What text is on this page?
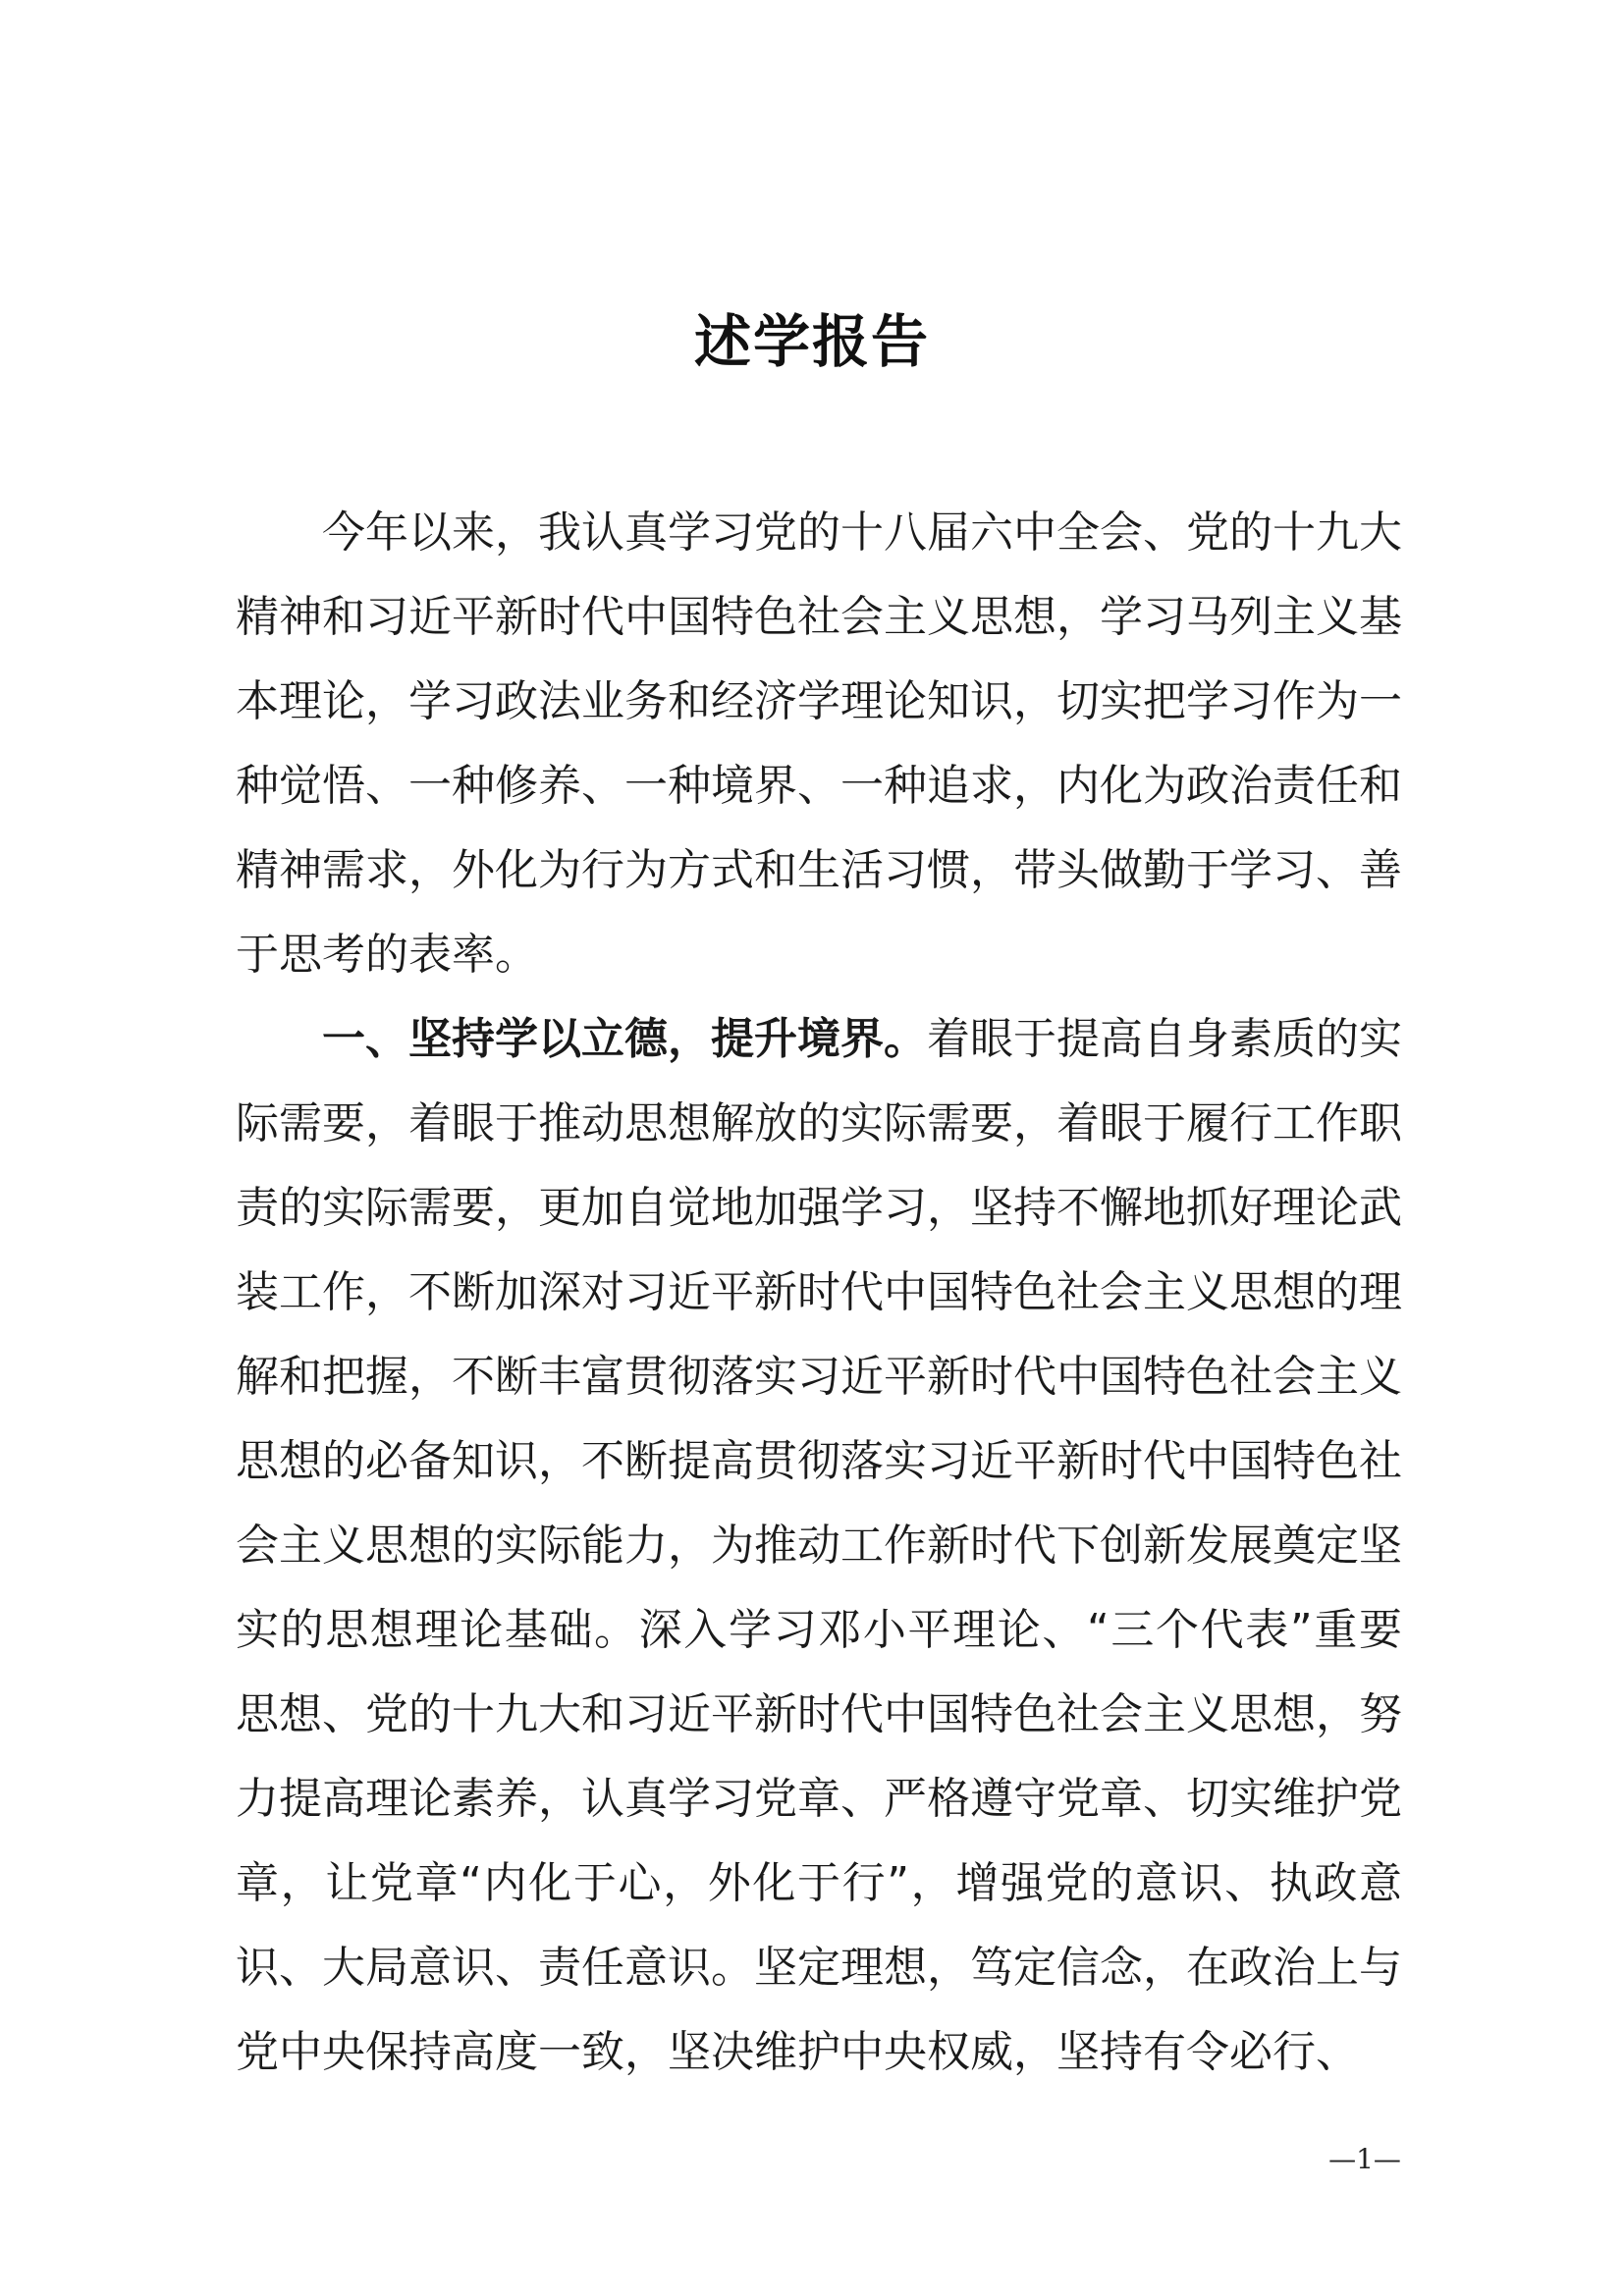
述学报告

今年以来，我认真学习党的十八届六中全会、党的十九大精神和习近平新时代中国特色社会主义思想，学习马列主义基本理论，学习政法业务和经济学理论知识，切实把学习作为一种觉悟、一种修养、一种境界、一种追求，内化为政治责任和精神需求，外化为行为方式和生活习惯，带头做勤于学习、善于思考的表率。

一、坚持学以立德，提升境界。着眼于提高自身素质的实际需要，着眼于推动思想解放的实际需要，着眼于履行工作职责的实际需要，更加自觉地加强学习，坚持不懈地抓好理论武装工作，不断加深对习近平新时代中国特色社会主义思想的理解和把握，不断丰富贯彻落实习近平新时代中国特色社会主义思想的必备知识，不断提高贯彻落实习近平新时代中国特色社会主义思想的实际能力，为推动工作新时代下创新发展奠定坚实的思想理论基础。深入学习邓小平理论、“三个代表”重要思想、党的十九大和习近平新时代中国特色社会主义思想，努力提高理论素养，认真学习党章、严格遵守党章、切实维护党章，让党章“内化于心，外化于行”，增强党的意识、执政意识、大局意识、责任意识。坚定理想，笃定信念，在政治上与党中央保持高度一致，坚决维护中央权威，坚持有令必行、

—1—
